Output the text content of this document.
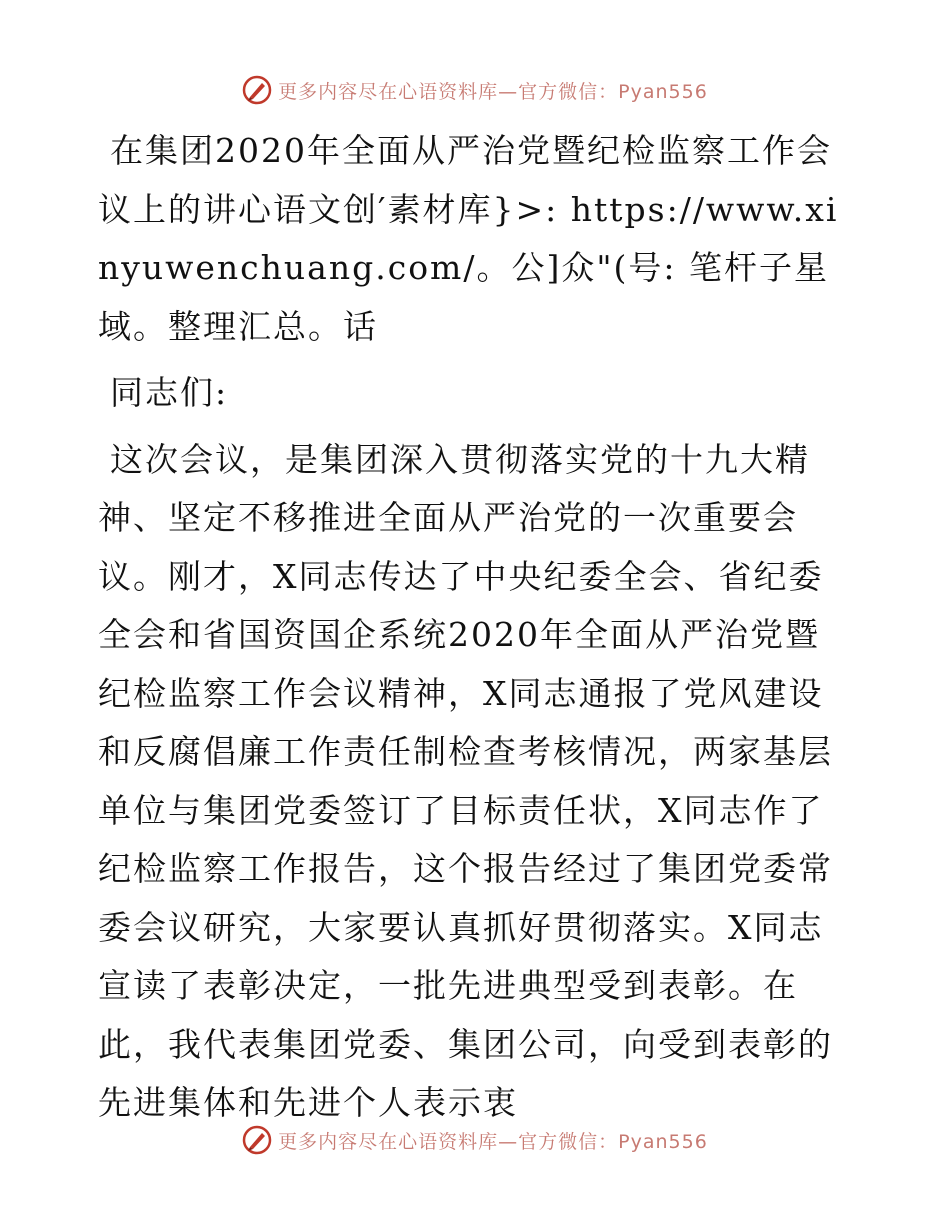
更多内容尽在心语资料库—官方微信：Pyan556

在集团2020年全面从严治党暨纪检监察工作会议上的讲心语文创′素材库}>: https://www.xinyuwenchuang.com/。公]众"(号: 笔杆子星域。整理汇总。话

同志们:

这次会议，是集团深入贯彻落实党的十九大精神、坚定不移推进全面从严治党的一次重要会议。刚才，X同志传达了中央纪委全会、省纪委全会和省国资国企系统2020年全面从严治党暨纪检监察工作会议精神，X同志通报了党风建设和反腐倡廉工作责任制检查考核情况，两家基层单位与集团党委签订了目标责任状，X同志作了纪检监察工作报告，这个报告经过了集团党委常委会议研究，大家要认真抓好贯彻落实。X同志宣读了表彰决定，一批先进典型受到表彰。在此，我代表集团党委、集团公司，向受到表彰的先进集体和先进个人表示衷

更多内容尽在心语资料库—官方微信：Pyan556
